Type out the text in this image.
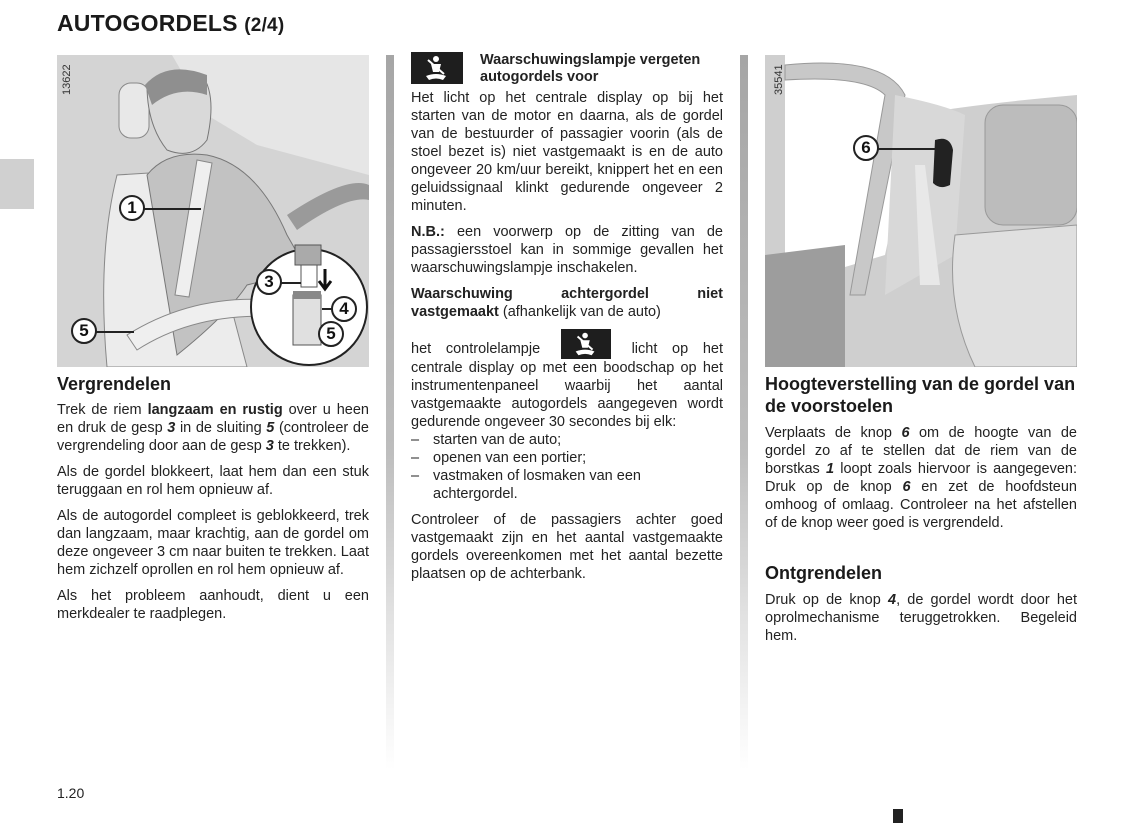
AUTOGORDELS (2/4)
13622
1
3
4
5	5
Vergrendelen

Trek de riem langzaam en rustig over u heen en druk de gesp 3 in de sluiting 5 (controleer de vergrendeling door aan de gesp 3 te trekken).

Als de gordel blokkeert, laat hem dan een stuk teruggaan en rol hem opnieuw af.

Als de autogordel compleet is geblokkeerd, trek dan langzaam, maar krachtig, aan de gordel om deze ongeveer 3 cm naar buiten te trekken. Laat hem zichzelf oprollen en rol hem opnieuw af.

Als het probleem aanhoudt, dient u een merkdealer te raadplegen.

Waarschuwingslampje vergeten autogordels voor

Het licht op het centrale display op bij het starten van de motor en daarna, als de gordel van de bestuurder of passagier voorin (als de stoel bezet is) niet vastgemaakt is en de auto ongeveer 20 km/uur bereikt, knippert het en een geluidssignaal klinkt gedurende ongeveer 2 minuten.

N.B.: een voorwerp op de zitting van de passagiersstoel kan in sommige gevallen het waarschuwingslampje inschakelen.

Waarschuwing achtergordel niet vastgemaakt (afhankelijk van de auto)

het controlelampje	licht op het centrale display op met een boodschap op het instrumentenpaneel waarbij het aantal vastgemaakte autogordels aangegeven wordt gedurende ongeveer 30 secondes bij elk:

– starten van de auto;
– openen van een portier;
– vastmaken of losmaken van een achtergordel.

Controleer of de passagiers achter goed vastgemaakt zijn en het aantal vastgemaakte gordels overeenkomen met het aantal bezette plaatsen op de achterbank.

35541
6
Hoogteverstelling van de gordel van de voorstoelen

Verplaats de knop 6 om de hoogte van de gordel zo af te stellen dat de riem van de borstkas 1 loopt zoals hiervoor is aangegeven: Druk op de knop 6 en zet de hoofdsteun omhoog of omlaag. Controleer na het afstellen of de knop weer goed is vergrendeld.

Ontgrendelen

Druk op de knop 4, de gordel wordt door het oprolmechanisme teruggetrokken. Begeleid hem.

1.20
